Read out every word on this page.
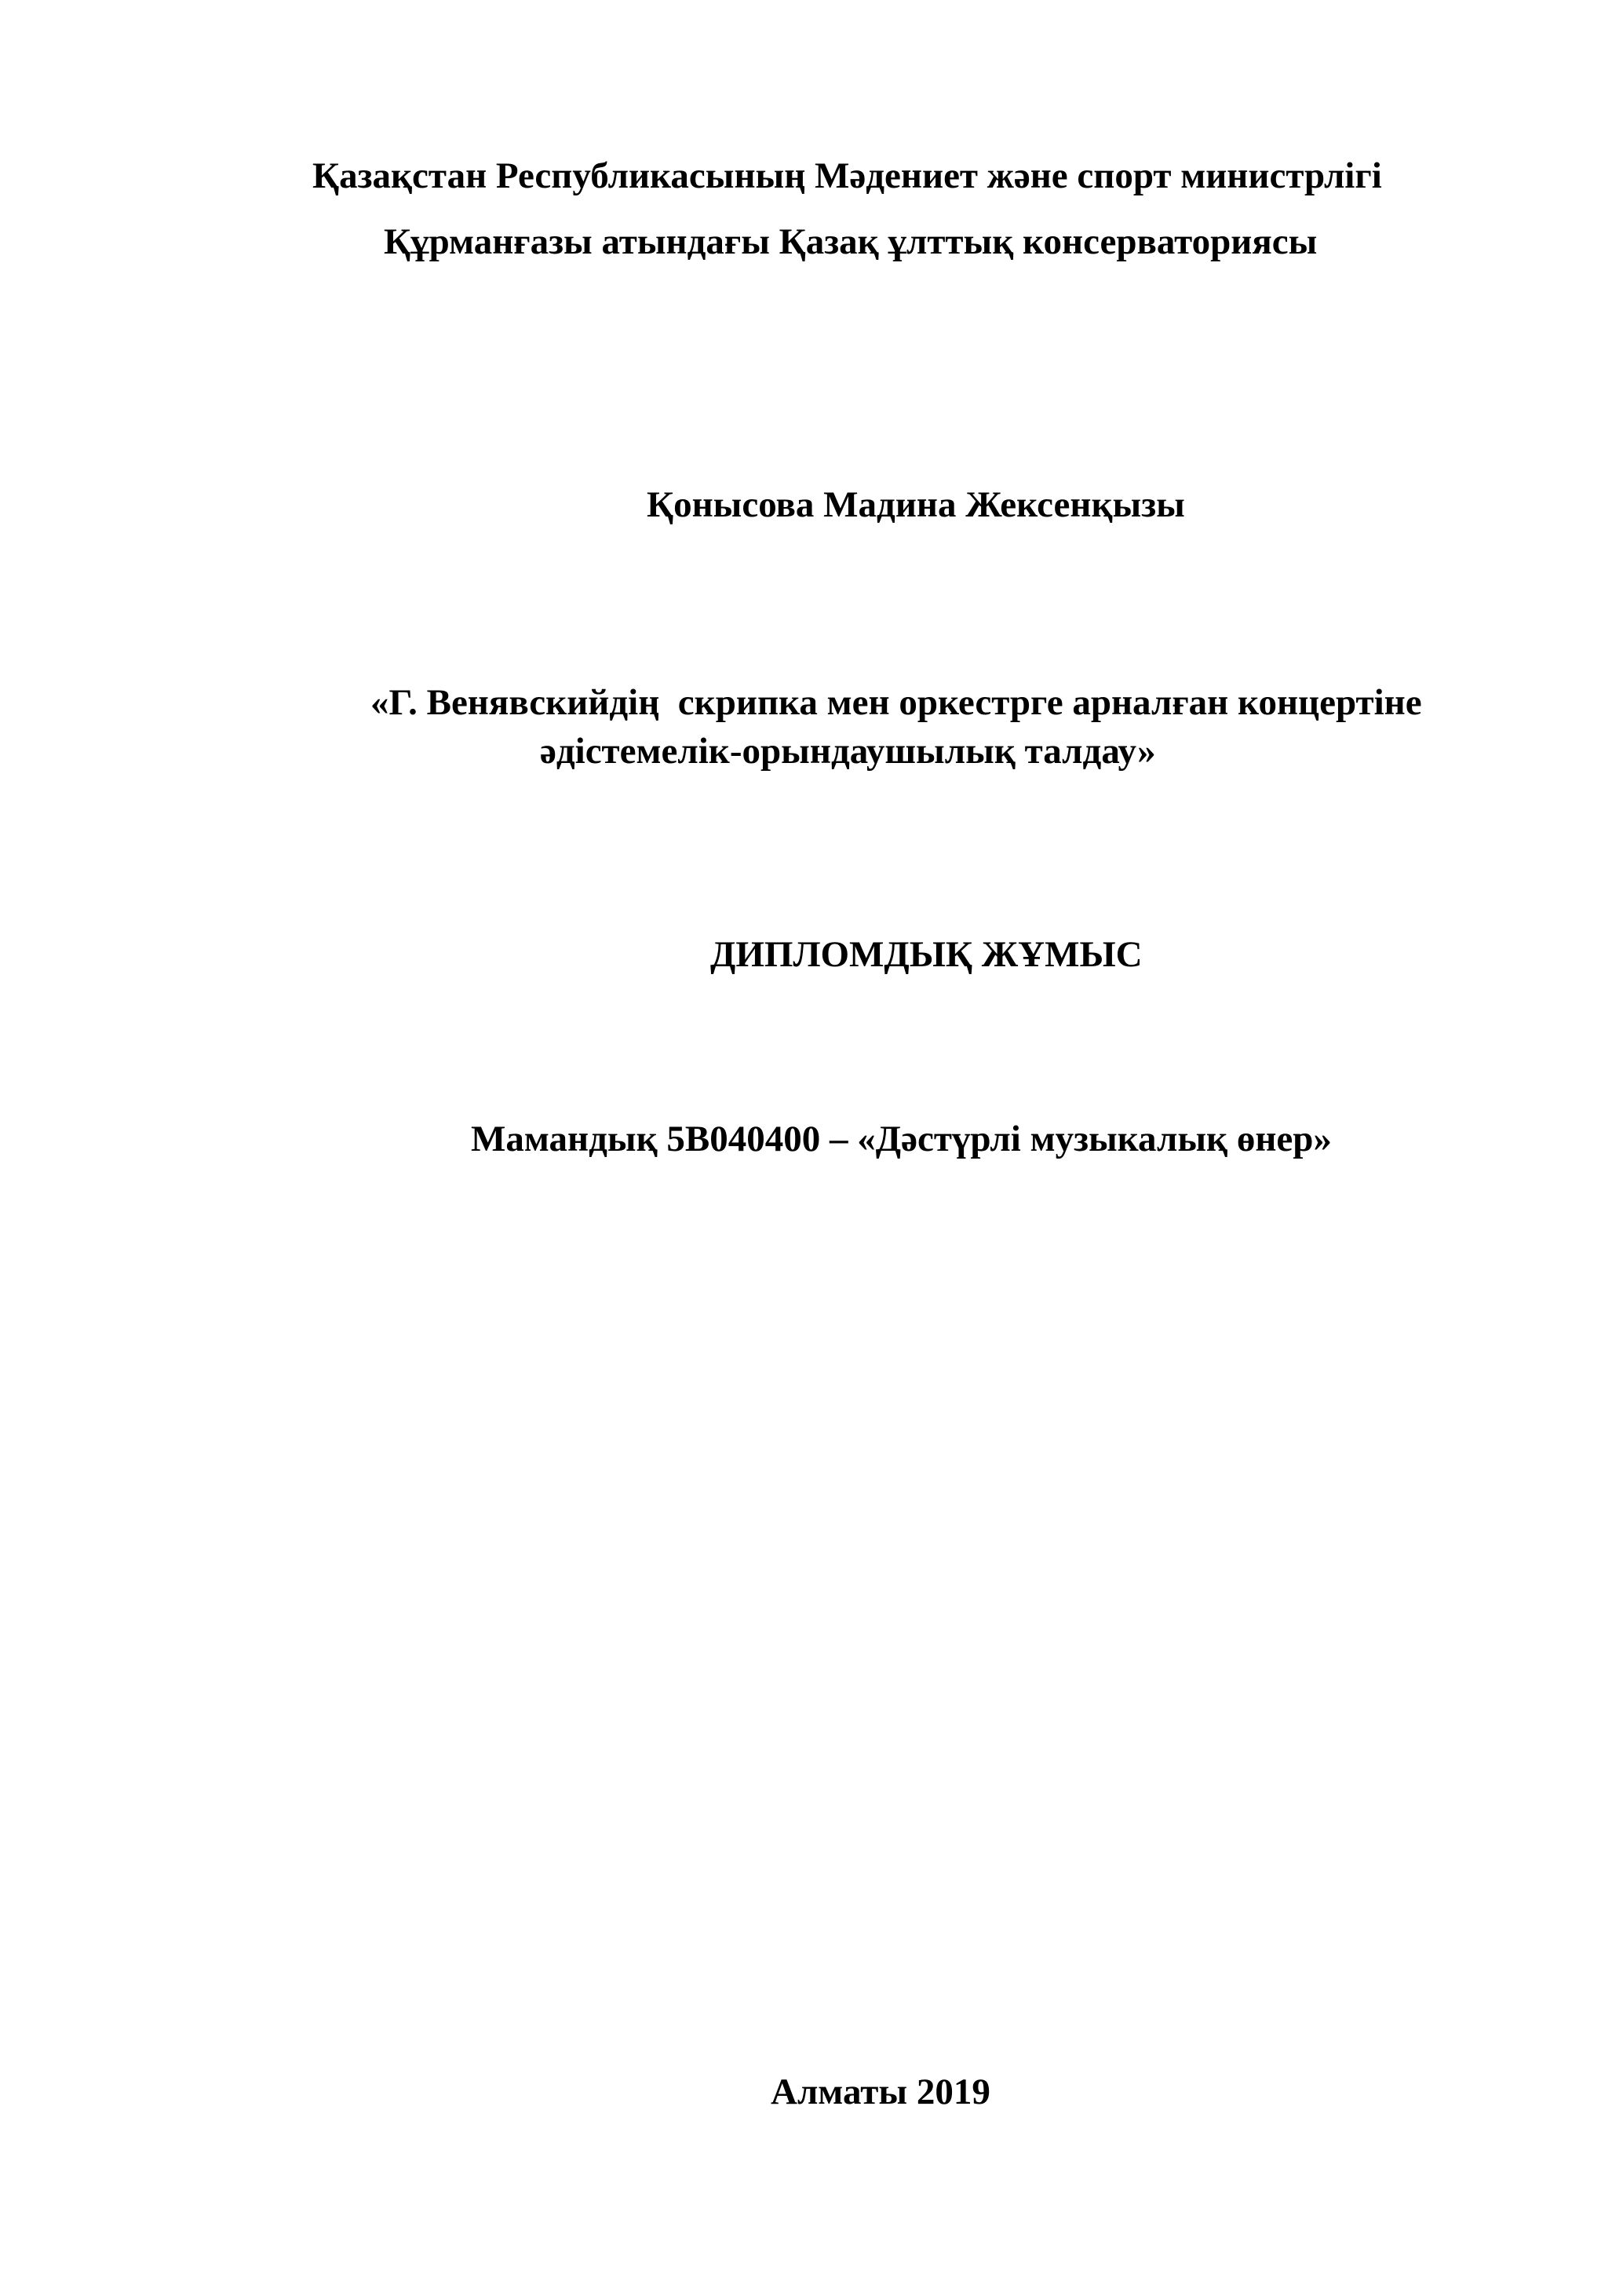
Қазақстан Республикасының Мәдениет және спорт министрлігі
Құрманғазы атындағы Қазақ ұлттық консерваториясы
Қонысова Мадина Жексенқызы
«Г. Венявскийдің  скрипка мен оркестрге арналған концертіне
әдістемелік-орындаушылық талдау»
ДИПЛОМДЫҚ ЖҰМЫС
Мамандық 5В040400 – «Дәстүрлі музыкалық өнер»
Алматы 2019
